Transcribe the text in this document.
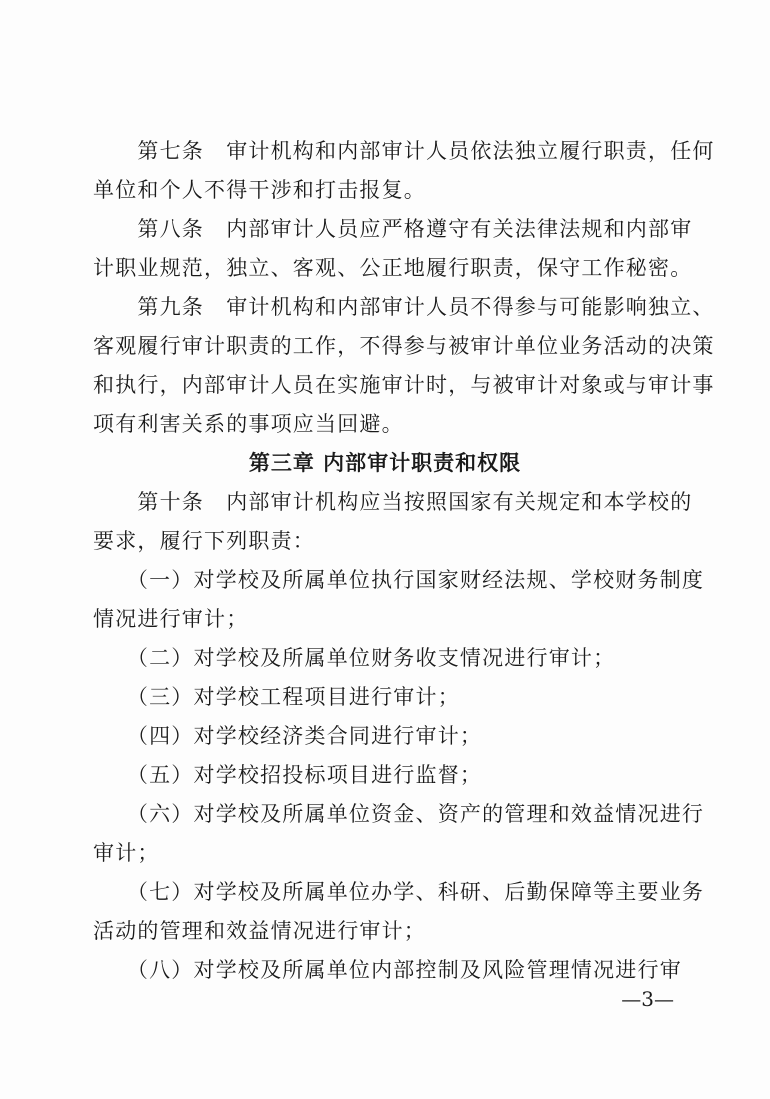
　　第七条　审计机构和内部审计人员依法独立履行职责，任何
单位和个人不得干涉和打击报复。
　　第八条　内部审计人员应严格遵守有关法律法规和内部审
计职业规范，独立、客观、公正地履行职责，保守工作秘密。
　　第九条　审计机构和内部审计人员不得参与可能影响独立、
客观履行审计职责的工作，不得参与被审计单位业务活动的决策
和执行，内部审计人员在实施审计时，与被审计对象或与审计事
项有利害关系的事项应当回避。
第三章 内部审计职责和权限
　　第十条　内部审计机构应当按照国家有关规定和本学校的
要求，履行下列职责：
　　（一）对学校及所属单位执行国家财经法规、学校财务制度
情况进行审计；
　　（二）对学校及所属单位财务收支情况进行审计；
　　（三）对学校工程项目进行审计；
　　（四）对学校经济类合同进行审计；
　　（五）对学校招投标项目进行监督；
　　（六）对学校及所属单位资金、资产的管理和效益情况进行
审计；
　　（七）对学校及所属单位办学、科研、后勤保障等主要业务
活动的管理和效益情况进行审计；
　　（八）对学校及所属单位内部控制及风险管理情况进行审
—3—
